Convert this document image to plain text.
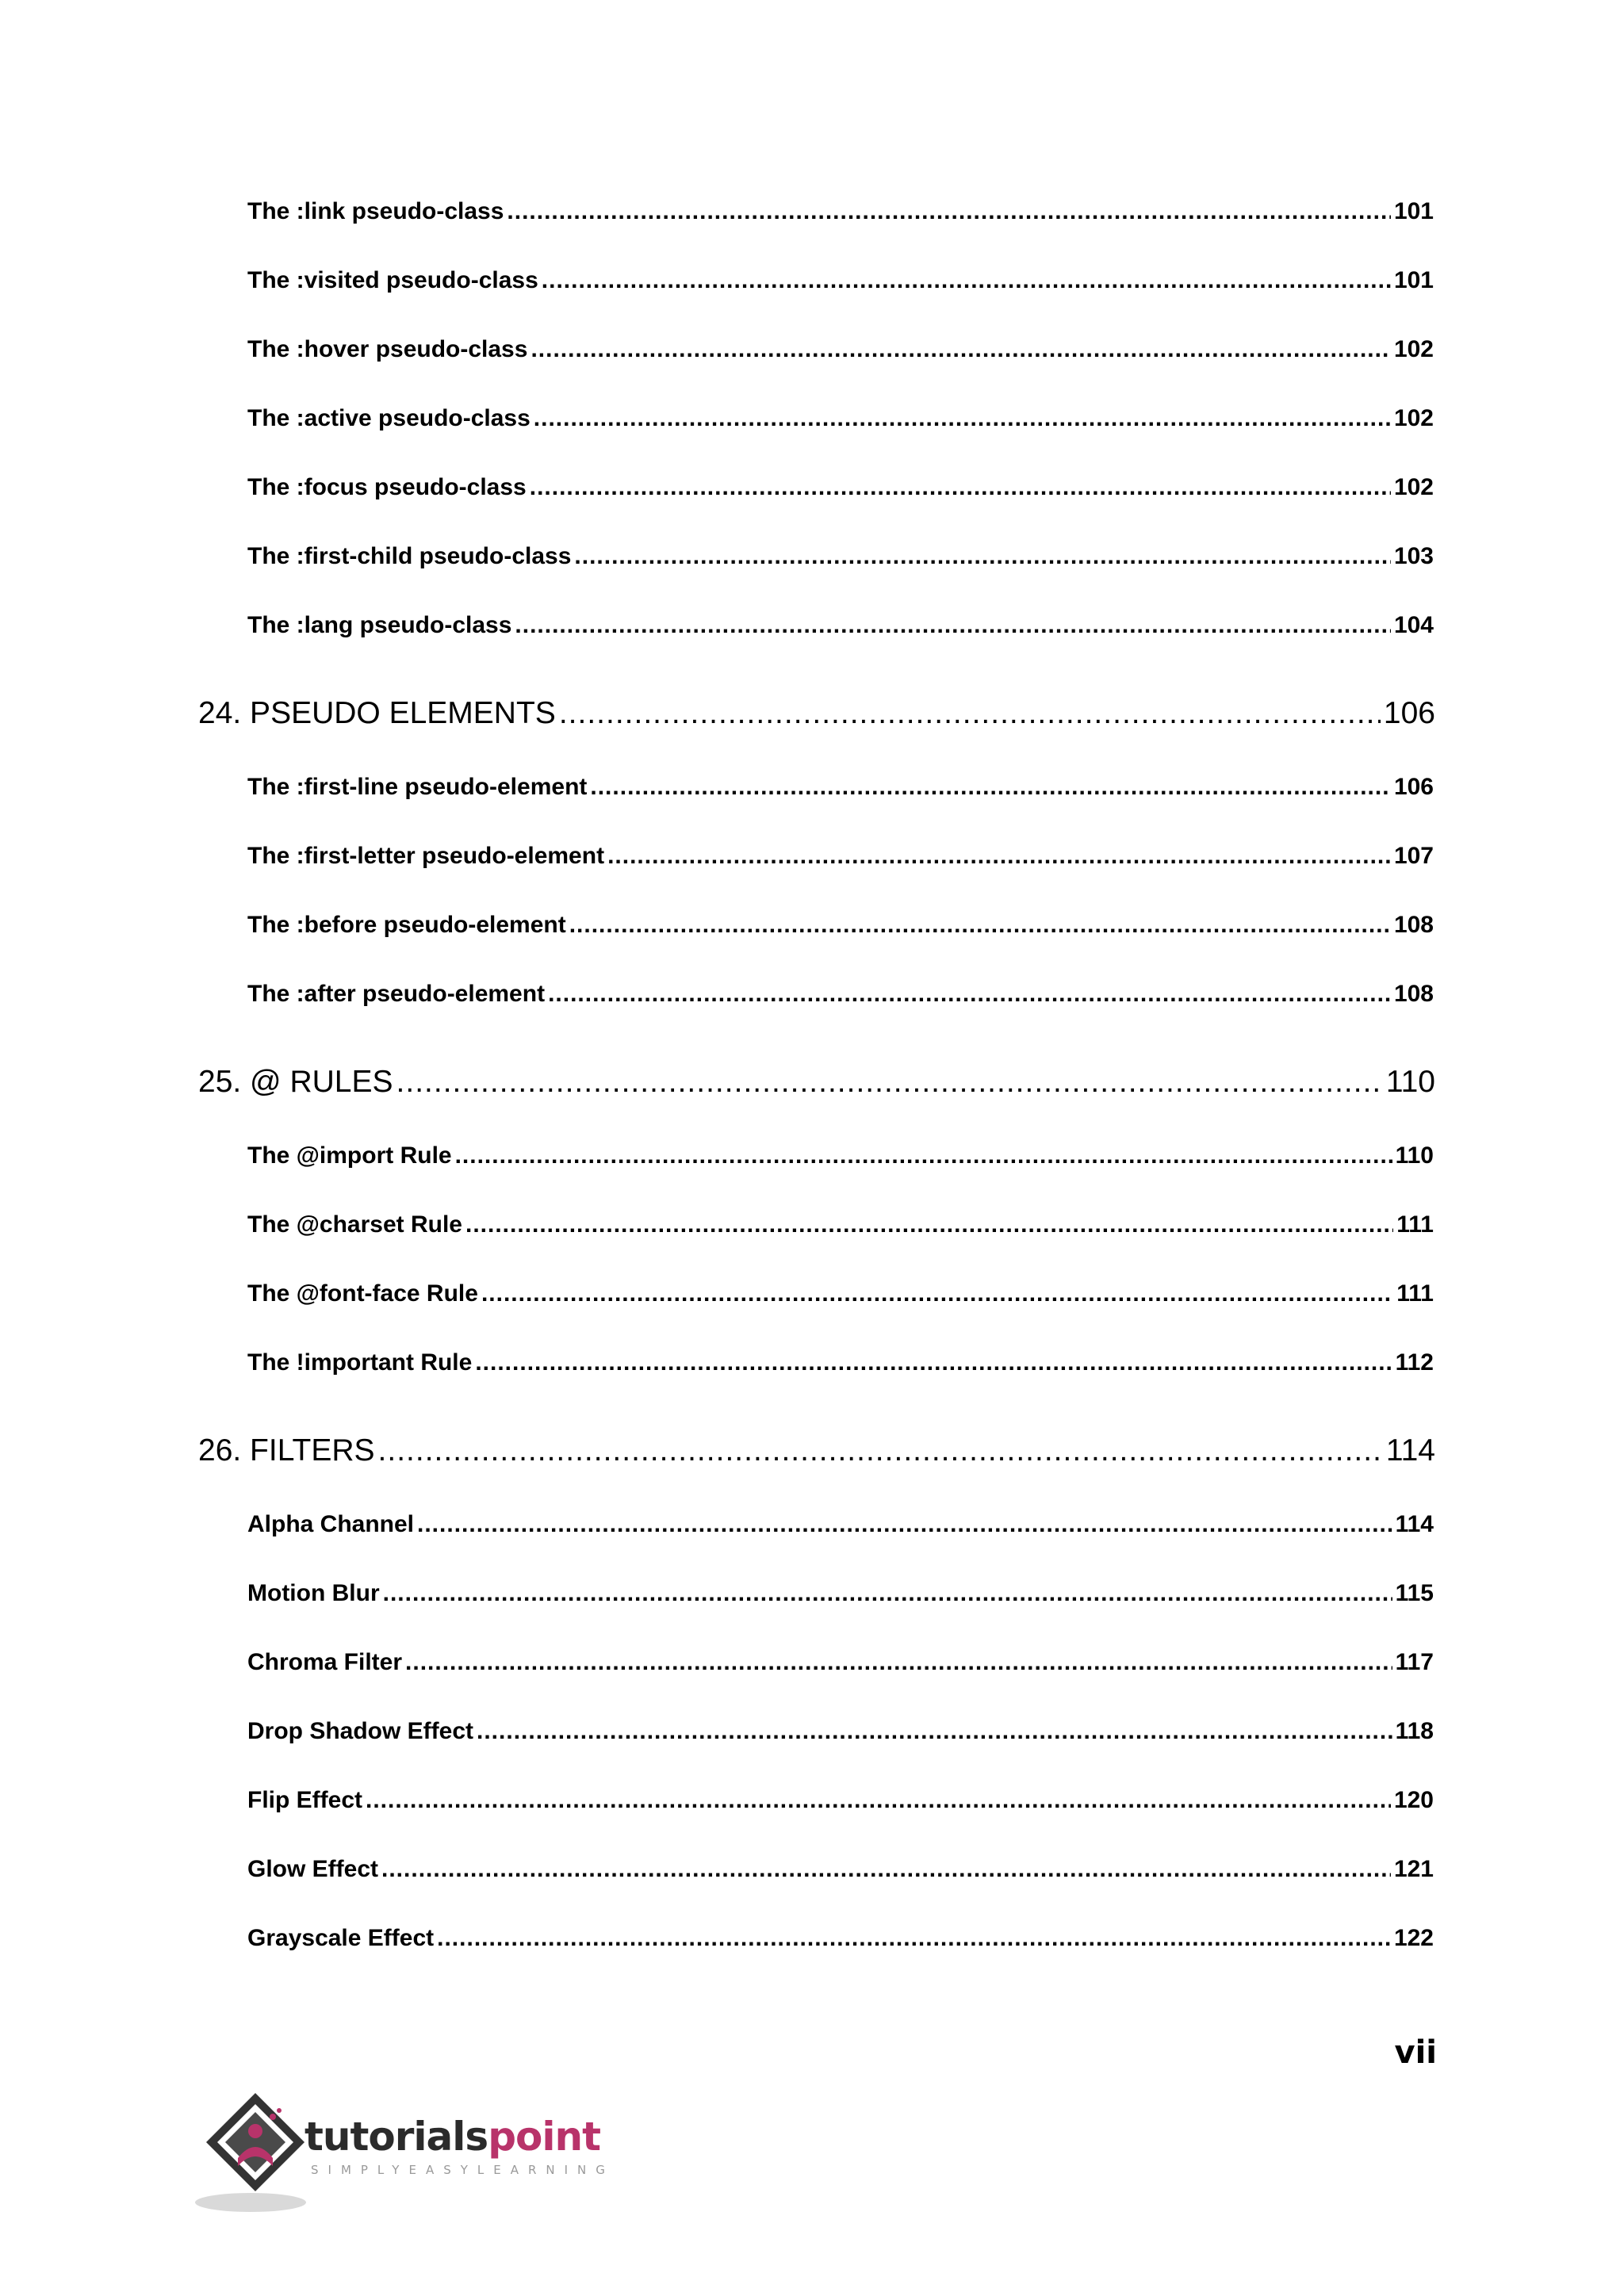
The :link pseudo-class .....	101
The :visited pseudo-class .....	101
The :hover pseudo-class .....	102
The :active pseudo-class .....	102
The :focus pseudo-class .....	102
The :first-child pseudo-class .....	103
The :lang pseudo-class .....	104
24. PSEUDO ELEMENTS .....	106
The :first-line pseudo-element .....	106
The :first-letter pseudo-element .....	107
The :before pseudo-element .....	108
The :after pseudo-element .....	108
25. @ RULES .....	110
The @import Rule .....	110
The @charset Rule .....	111
The @font-face Rule .....	111
The !important Rule .....	112
26. FILTERS .....	114
Alpha Channel .....	114
Motion Blur .....	115
Chroma Filter .....	117
Drop Shadow Effect .....	118
Flip Effect .....	120
Glow Effect .....	121
Grayscale Effect .....	122
vii
tutorialspoint
SIMPLYEASYLEARNING
